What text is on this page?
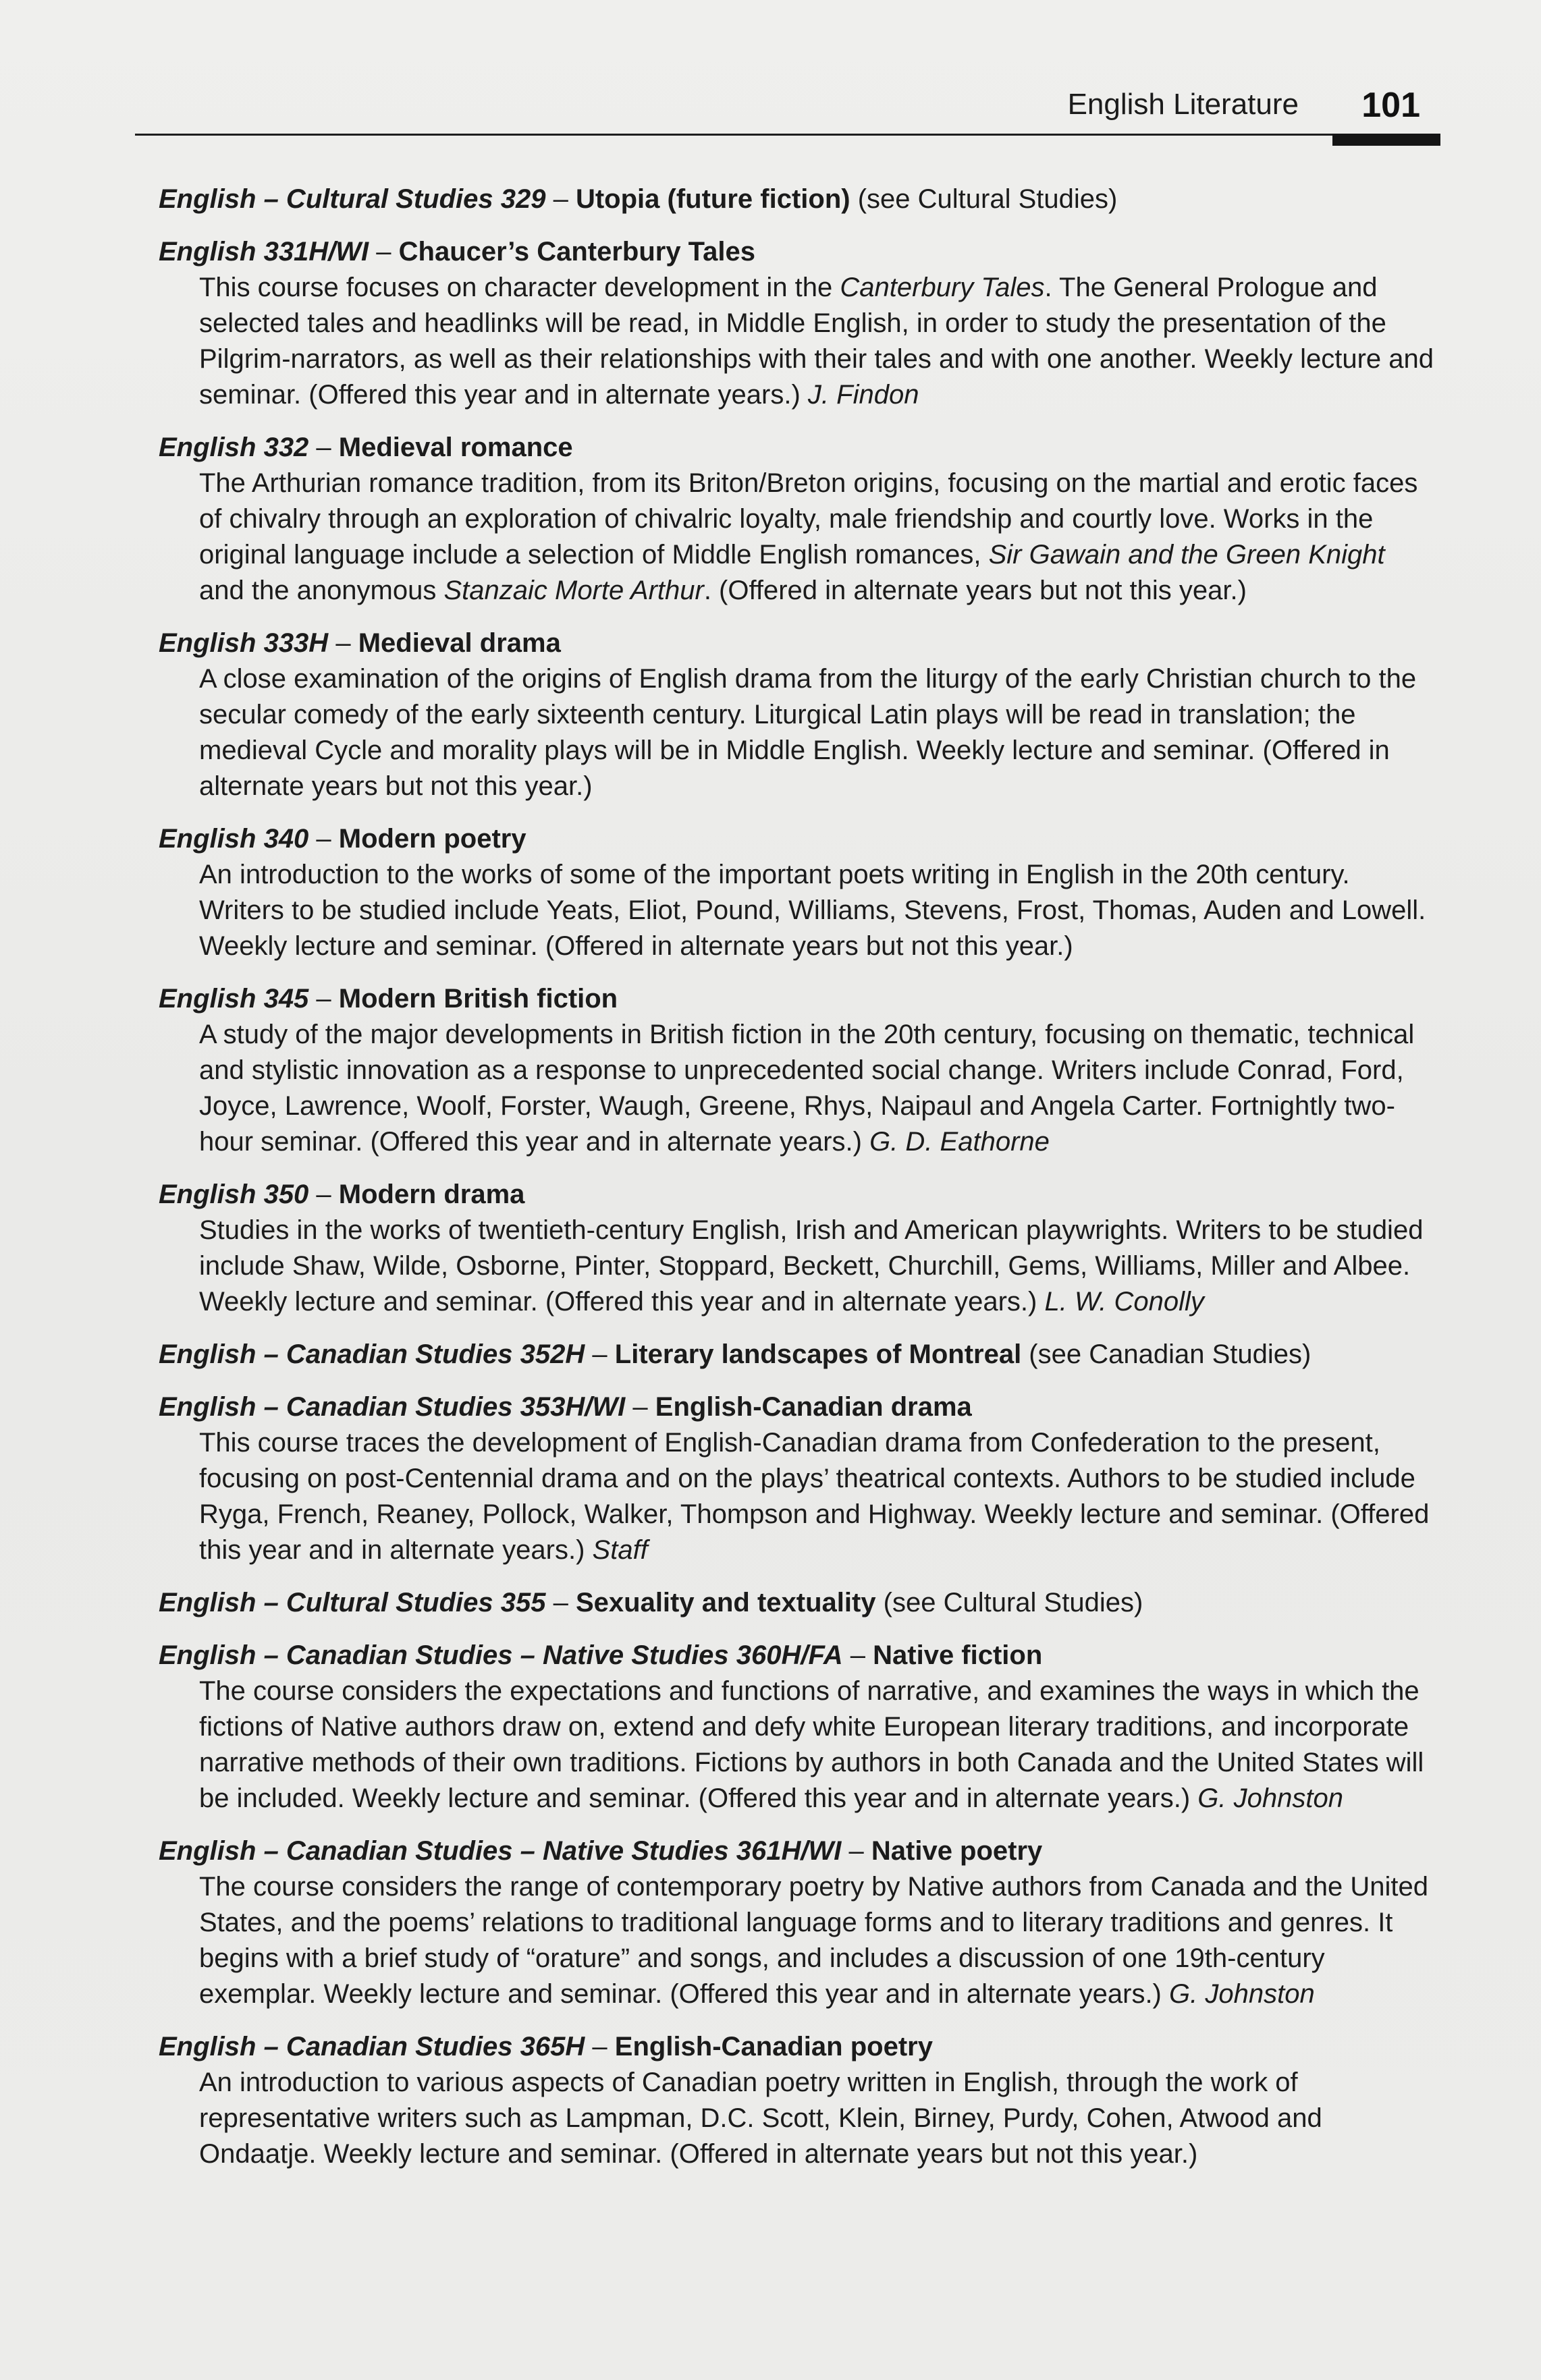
English Literature 101
English – Cultural Studies 329 – Utopia (future fiction) (see Cultural Studies)
English 331H/WI – Chaucer’s Canterbury Tales
This course focuses on character development in the Canterbury Tales. The General Prologue and selected tales and headlinks will be read, in Middle English, in order to study the presentation of the Pilgrim-narrators, as well as their relationships with their tales and with one another. Weekly lecture and seminar. (Offered this year and in alternate years.) J. Findon
English 332 – Medieval romance
The Arthurian romance tradition, from its Briton/Breton origins, focusing on the martial and erotic faces of chivalry through an exploration of chivalric loyalty, male friendship and courtly love. Works in the original language include a selection of Middle English romances, Sir Gawain and the Green Knight and the anonymous Stanzaic Morte Arthur. (Offered in alternate years but not this year.)
English 333H – Medieval drama
A close examination of the origins of English drama from the liturgy of the early Christian church to the secular comedy of the early sixteenth century. Liturgical Latin plays will be read in translation; the medieval Cycle and morality plays will be in Middle English. Weekly lecture and seminar. (Offered in alternate years but not this year.)
English 340 – Modern poetry
An introduction to the works of some of the important poets writing in English in the 20th century. Writers to be studied include Yeats, Eliot, Pound, Williams, Stevens, Frost, Thomas, Auden and Lowell. Weekly lecture and seminar. (Offered in alternate years but not this year.)
English 345 – Modern British fiction
A study of the major developments in British fiction in the 20th century, focusing on thematic, technical and stylistic innovation as a response to unprecedented social change. Writers include Conrad, Ford, Joyce, Lawrence, Woolf, Forster, Waugh, Greene, Rhys, Naipaul and Angela Carter. Fortnightly two-hour seminar. (Offered this year and in alternate years.) G. D. Eathorne
English 350 – Modern drama
Studies in the works of twentieth-century English, Irish and American playwrights. Writers to be studied include Shaw, Wilde, Osborne, Pinter, Stoppard, Beckett, Churchill, Gems, Williams, Miller and Albee. Weekly lecture and seminar. (Offered this year and in alternate years.) L. W. Conolly
English – Canadian Studies 352H – Literary landscapes of Montreal (see Canadian Studies)
English – Canadian Studies 353H/WI – English-Canadian drama
This course traces the development of English-Canadian drama from Confederation to the present, focusing on post-Centennial drama and on the plays’ theatrical contexts. Authors to be studied include Ryga, French, Reaney, Pollock, Walker, Thompson and Highway. Weekly lecture and seminar. (Offered this year and in alternate years.) Staff
English – Cultural Studies 355 – Sexuality and textuality (see Cultural Studies)
English – Canadian Studies – Native Studies 360H/FA – Native fiction
The course considers the expectations and functions of narrative, and examines the ways in which the fictions of Native authors draw on, extend and defy white European literary traditions, and incorporate narrative methods of their own traditions. Fictions by authors in both Canada and the United States will be included. Weekly lecture and seminar. (Offered this year and in alternate years.) G. Johnston
English – Canadian Studies – Native Studies 361H/WI – Native poetry
The course considers the range of contemporary poetry by Native authors from Canada and the United States, and the poems’ relations to traditional language forms and to literary traditions and genres. It begins with a brief study of “orature” and songs, and includes a discussion of one 19th-century exemplar. Weekly lecture and seminar. (Offered this year and in alternate years.) G. Johnston
English – Canadian Studies 365H – English-Canadian poetry
An introduction to various aspects of Canadian poetry written in English, through the work of representative writers such as Lampman, D.C. Scott, Klein, Birney, Purdy, Cohen, Atwood and Ondaatje. Weekly lecture and seminar. (Offered in alternate years but not this year.)
